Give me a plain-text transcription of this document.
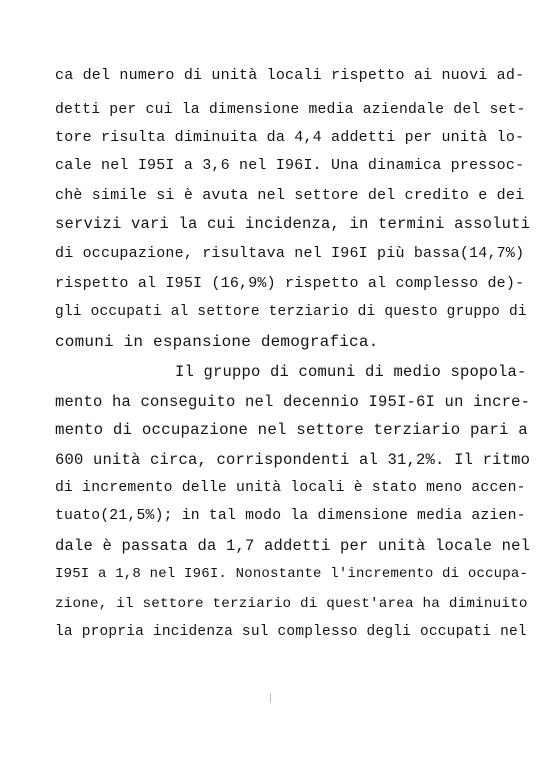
ca del numero di unità locali rispetto ai nuovi ad-
detti per cui la dimensione media aziendale del set-
tore risulta diminuita da 4,4 addetti per unità lo-
cale nel I95I a 3,6 nel I96I. Una dinamica pressoc-
chè simile si è avuta nel settore del credito e dei
servizi vari la cui incidenza, in termini assoluti
di occupazione, risultava nel I96I più bassa(14,7%)
rispetto al I95I (16,9%) rispetto al complesso de)-
gli occupati al settore terziario di questo gruppo di
comuni in espansione demografica.
Il gruppo di comuni di medio spopola-
mento ha conseguito nel decennio I95I-6I un incre-
mento di occupazione nel settore terziario pari a
600 unità circa, corrispondenti al 31,2%. Il ritmo
di incremento delle unità locali è stato meno accen-
tuato(21,5%); in tal modo la dimensione media azien-
dale è passata da 1,7 addetti per unità locale nel
I95I a 1,8 nel I96I. Nonostante l'incremento di occupa-
zione, il settore terziario di quest'area ha diminuito
la propria incidenza sul complesso degli occupati nel
